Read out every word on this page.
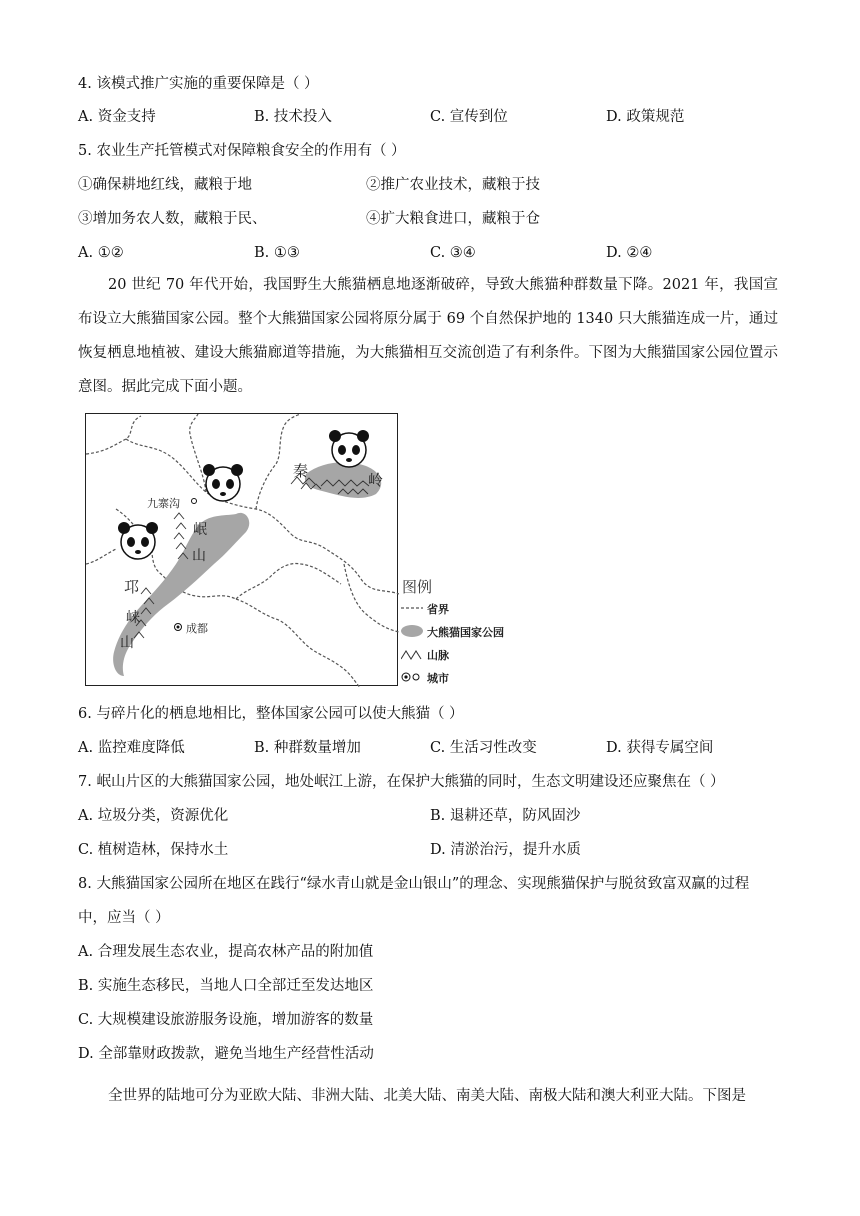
4. 该模式推广实施的重要保障是（ ）
A. 资金支持	B. 技术投入	C. 宣传到位	D. 政策规范
5. 农业生产托管模式对保障粮食安全的作用有（ ）
①确保耕地红线，藏粮于地	②推广农业技术，藏粮于技
③增加务农人数，藏粮于民、	④扩大粮食进口，藏粮于仓
A. ①②	B. ①③	C. ③④	D. ②④
20 世纪 70 年代开始，我国野生大熊猫栖息地逐渐破碎，导致大熊猫种群数量下降。2021 年，我国宣布设立大熊猫国家公园。整个大熊猫国家公园将原分属于 69 个自然保护地的 1340 只大熊猫连成一片，通过恢复栖息地植被、建设大熊猫廊道等措施，为大熊猫相互交流创造了有利条件。下图为大熊猫国家公园位置示意图。据此完成下面小题。
秦	岭
九寨沟
岷
山
邛
崃
山
成都
图例
省界
大熊猫国家公园
山脉
城市
6. 与碎片化的栖息地相比，整体国家公园可以使大熊猫（ ）
A. 监控难度降低	B. 种群数量增加	C. 生活习性改变	D. 获得专属空间
7. 岷山片区的大熊猫国家公园，地处岷江上游，在保护大熊猫的同时，生态文明建设还应聚焦在（ ）
A. 垃圾分类，资源优化	B. 退耕还草，防风固沙
C. 植树造林，保持水土	D. 清淤治污，提升水质
8. 大熊猫国家公园所在地区在践行“绿水青山就是金山银山”的理念、实现熊猫保护与脱贫致富双赢的过程
中，应当（ ）
A. 合理发展生态农业，提高农林产品的附加值
B. 实施生态移民，当地人口全部迁至发达地区
C. 大规模建设旅游服务设施，增加游客的数量
D. 全部靠财政拨款，避免当地生产经营性活动
全世界的陆地可分为亚欧大陆、非洲大陆、北美大陆、南美大陆、南极大陆和澳大利亚大陆。下图是
